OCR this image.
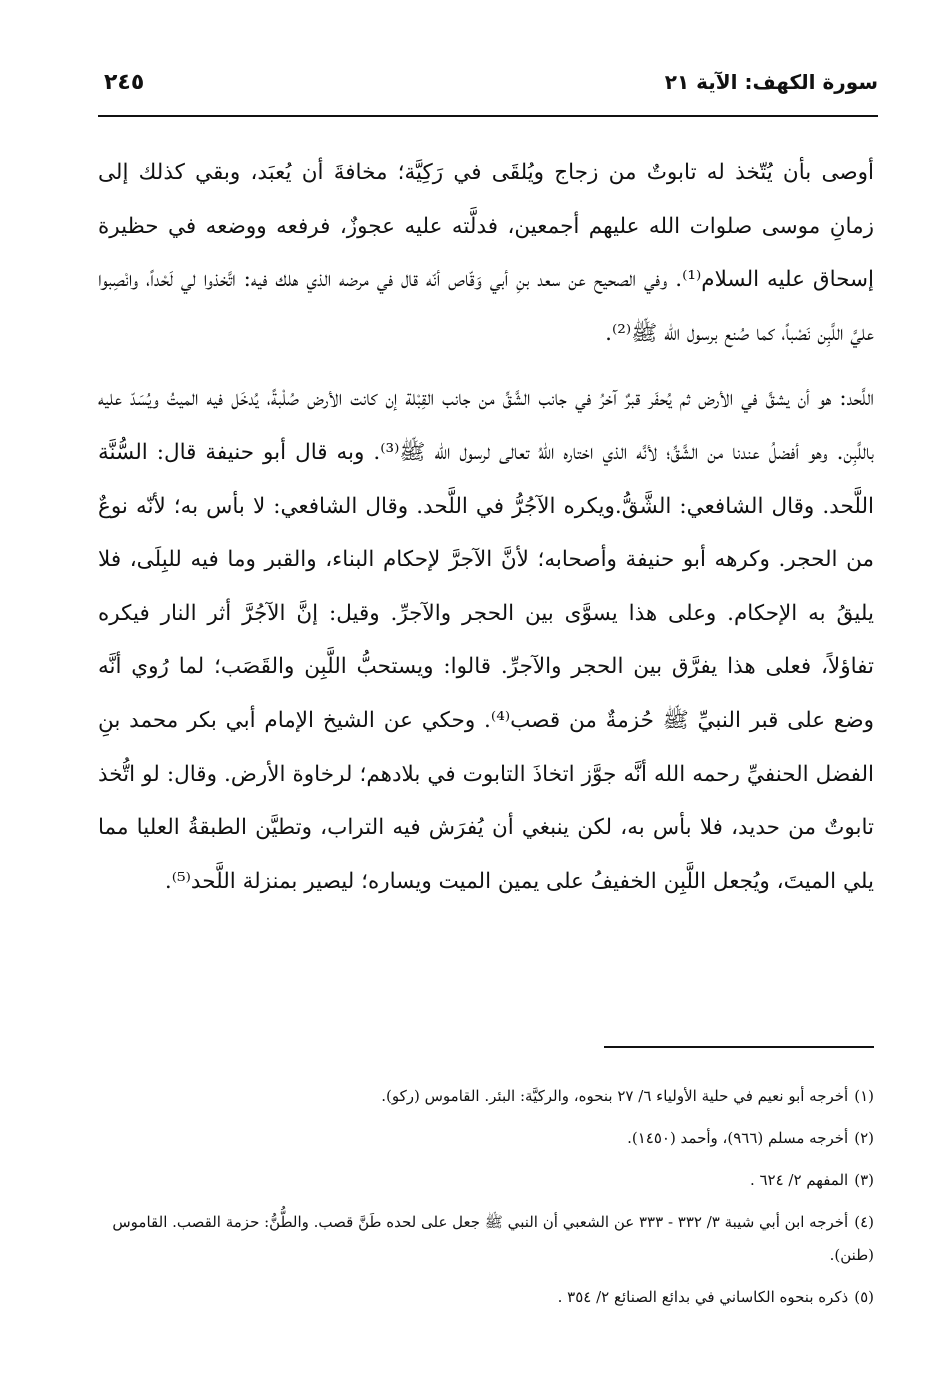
سورة الكهف: الآية ٢١
٢٤٥

أوصى بأن يُتّخذ له تابوتٌ من زجاج ويُلقَى في رَكِيَّة؛ مخافةَ أن يُعبَد، وبقي كذلك إلى زمانِ موسى صلوات الله عليهم أجمعين، فدلَّته عليه عجوزٌ، فرفعه ووضعه في حظيرة إسحاق عليه السلام⁽¹⁾. وفي الصحيح عن سعد بنِ أبي وَقّاص أنّه قال في مرضه الذي هلك فيه: اتَّخذوا لي لَحْداً، وانْصِبوا عليَّ اللَّبِن نَصْباً، كما صُنع برسول الله ﷺ⁽²⁾.

اللَّحد: هو أن يشقَّ في الأرض ثم يُحفَر قبرٌ آخرُ في جانب الشَّقِّ من جانب القِبْلة إن كانت الأرض صُلْبةً، يُدخَل فيه الميتُ ويُسَدّ عليه باللَّبِن. وهو أفضلُ عندنا من الشَّقِّ؛ لأنَّه الذي اختاره اللهُ تعالى لرسول الله ﷺ⁽³⁾. وبه قال أبو حنيفة قال: السُّنَّة اللَّحد. وقال الشافعي: الشَّقُّ.ويكره الآجُرُّ في اللَّحد. وقال الشافعي: لا بأس به؛ لأنّه نوعٌ من الحجر. وكرهه أبو حنيفة وأصحابه؛ لأنَّ الآجرَّ لإحكام البناء، والقبر وما فيه للبِلَى، فلا يليقُ به الإحكام. وعلى هذا يسوَّى بين الحجر والآجرِّ. وقيل: إنَّ الآجُرَّ أثر النار فيكره تفاؤلاً، فعلى هذا يفرَّق بين الحجر والآجرِّ. قالوا: ويستحبُّ اللَّبِن والقَصَب؛ لما رُوي أنَّه وضع على قبر النبيِّ ﷺ حُزمةٌ من قصب⁽⁴⁾. وحكي عن الشيخ الإمام أبي بكر محمد بنِ الفضل الحنفيِّ رحمه الله أنَّه جوَّز اتخاذَ التابوت في بلادهم؛ لرخاوة الأرض. وقال: لو اتُّخذ تابوتٌ من حديد، فلا بأس به، لكن ينبغي أن يُفرَش فيه التراب، وتطيَّن الطبقةُ العليا مما يلي الميتَ، ويُجعل اللَّبِن الخفيفُ على يمين الميت ويساره؛ ليصير بمنزلة اللَّحد⁽⁵⁾.

(١)أخرجه أبو نعيم في حلية الأولياء ٦/ ٢٧ بنحوه، والركيَّة: البئر. القاموس (ركو).

(٢)أخرجه مسلم (٩٦٦)، وأحمد (١٤٥٠).

(٣)المفهم ٢/ ٦٢٤ .

(٤)أخرجه ابن أبي شيبة ٣/ ٣٣٢ - ٣٣٣ عن الشعبي أن النبي ﷺ جعل على لحده طَنَّ قصب. والطُّنُّ: حزمة القصب. القاموس (طنن).

(٥)ذكره بنحوه الكاساني في بدائع الصنائع ٢/ ٣٥٤ .
